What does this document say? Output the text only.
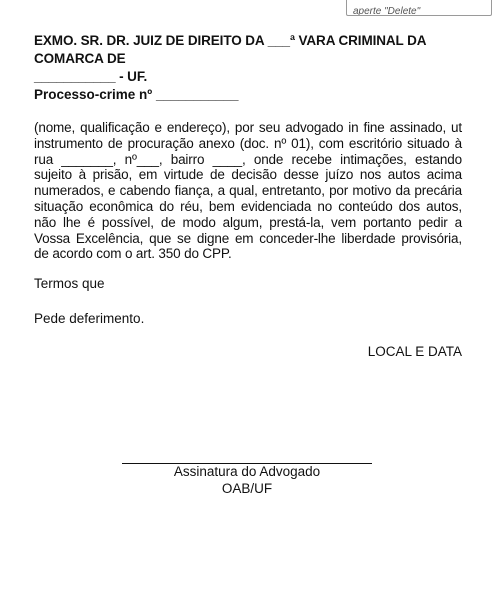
aperte "Delete"
EXMO. SR. DR. JUIZ DE DIREITO DA ___ª VARA CRIMINAL DA COMARCA DE
___________ - UF.
Processo-crime nº ___________
(nome, qualificação e endereço), por seu advogado in fine assinado, ut instrumento de procuração anexo (doc. nº 01), com escritório situado à rua _______, nº___, bairro ____, onde recebe intimações, estando sujeito à prisão, em virtude de decisão desse juízo nos autos acima numerados, e cabendo fiança, a qual, entretanto, por motivo da precária situação econômica do réu, bem evidenciada no conteúdo dos autos, não lhe é possível, de modo algum, prestá-la, vem portanto pedir a Vossa Excelência, que se digne em conceder-lhe liberdade provisória, de acordo com o art. 350 do CPP.
Termos que
Pede deferimento.
LOCAL E DATA
Assinatura do Advogado
OAB/UF
